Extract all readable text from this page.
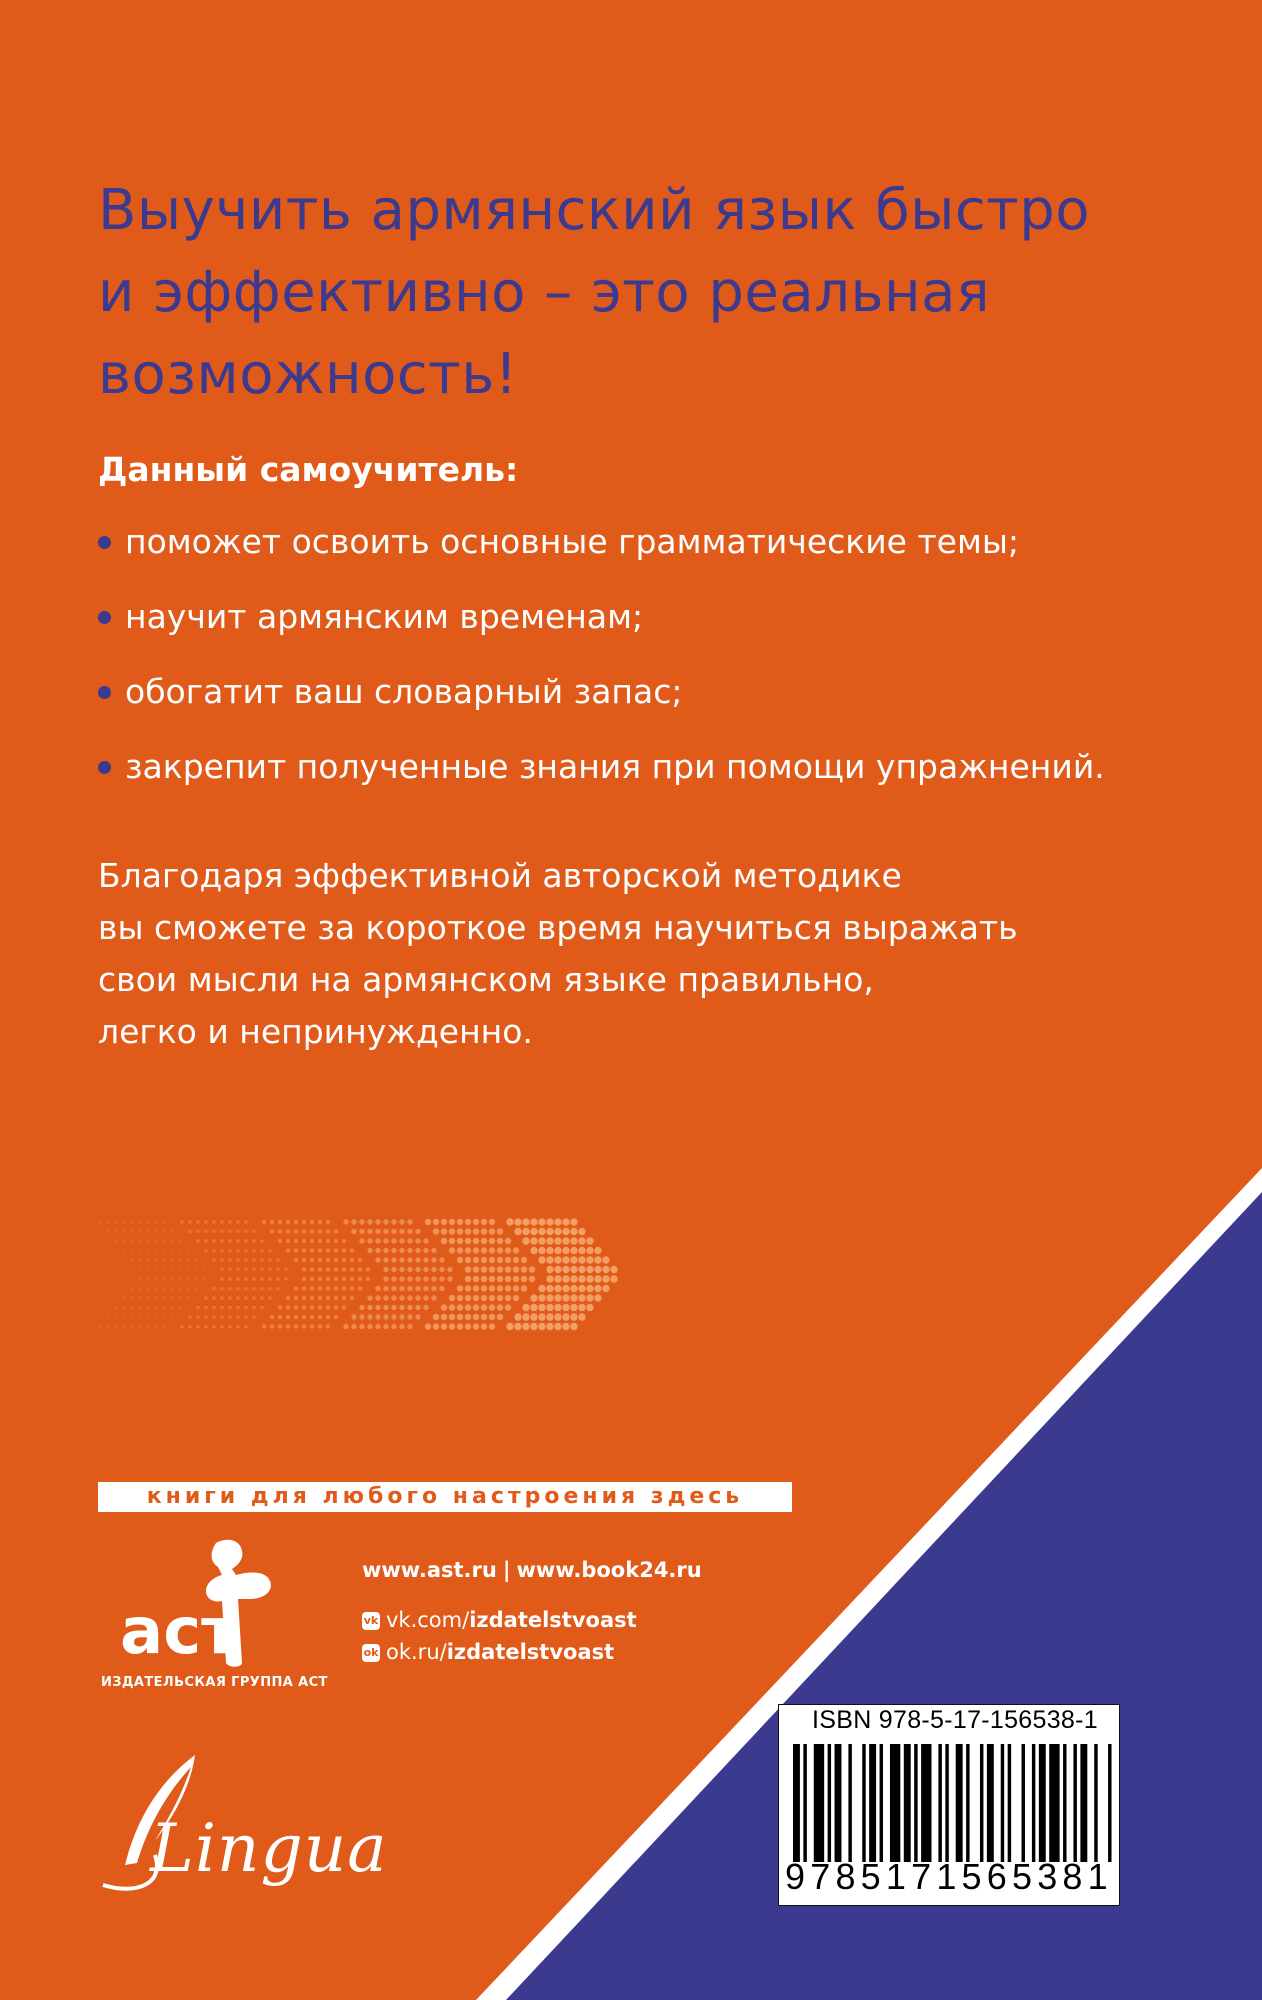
Выучить армянский язык быстро
и эффективно – это реальная
возможность!

Данный самоучитель:

поможет освоить основные грамматические темы;
научит армянским временам;
обогатит ваш словарный запас;
закрепит полученные знания при помощи упражнений.

Благодаря эффективной авторской методике
вы сможете за короткое время научиться выражать
свои мысли на армянском языке правильно,
легко и непринужденно.

книги для любого настроения здесь
аст
ИЗДАТЕЛЬСКАЯ ГРУППА АСТ
www.ast.ru | www.book24.ru
vk vk.com/izdatelstvoast
ok ok.ru/izdatelstvoast
Lingua
ISBN 978-5-17-156538-1
9785171565381
